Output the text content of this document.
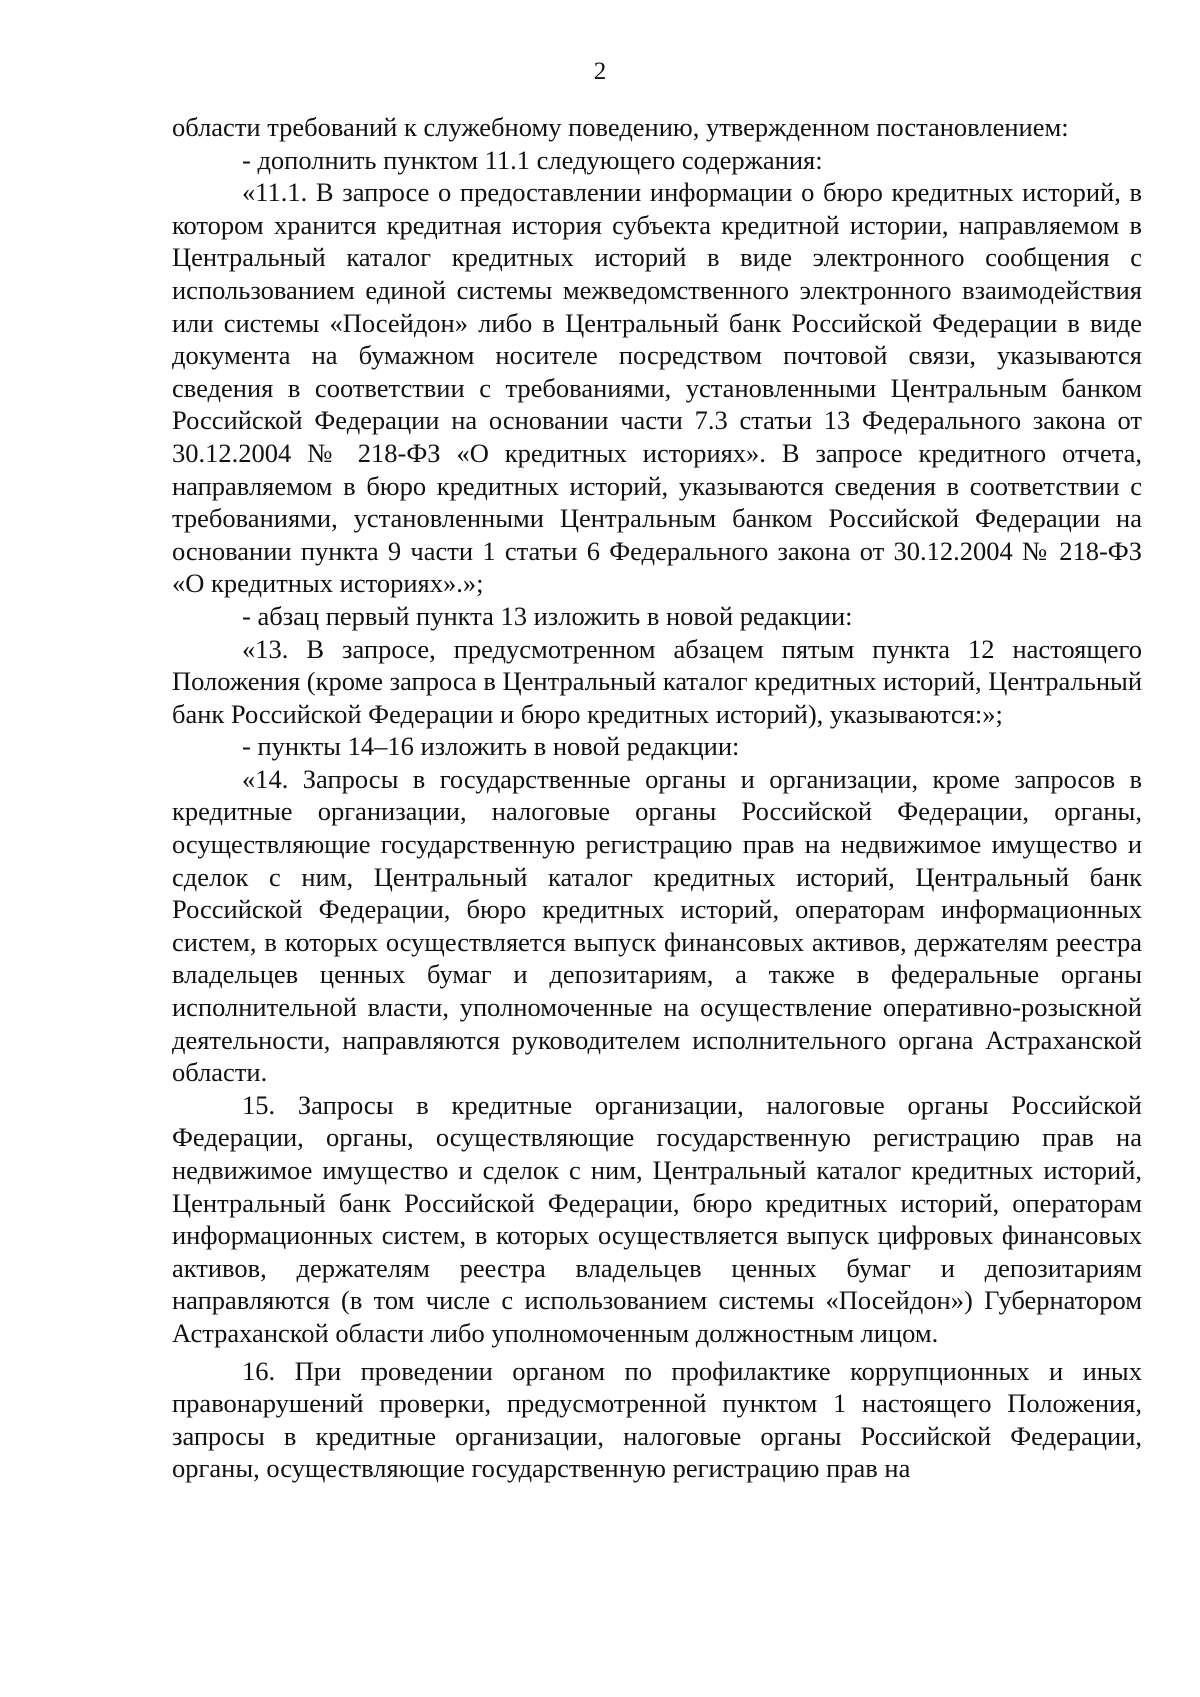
2

области требований к служебному поведению, утвержденном постановлением:

- дополнить пунктом 11.1 следующего содержания:

«11.1. В запросе о предоставлении информации о бюро кредитных историй, в котором хранится кредитная история субъекта кредитной истории, направляемом в Центральный каталог кредитных историй в виде электронного сообщения с использованием единой системы межведомственного электронного взаимодействия или системы «Посейдон» либо в Центральный банк Российской Федерации в виде документа на бумажном носителе посредством почтовой связи, указываются сведения в соответствии с требованиями, установленными Центральным банком Российской Федерации на основании части 7.3 статьи 13 Федерального закона от 30.12.2004 № 218-ФЗ «О кредитных историях». В запросе кредитного отчета, направляемом в бюро кредитных историй, указываются сведения в соответствии с требованиями, установленными Центральным банком Российской Федерации на основании пункта 9 части 1 статьи 6 Федерального закона от 30.12.2004 № 218-ФЗ «О кредитных историях».»;

- абзац первый пункта 13 изложить в новой редакции:

«13. В запросе, предусмотренном абзацем пятым пункта 12 настоящего Положения (кроме запроса в Центральный каталог кредитных историй, Центральный банк Российской Федерации и бюро кредитных историй), указываются:»;

- пункты 14–16 изложить в новой редакции:

«14. Запросы в государственные органы и организации, кроме запросов в кредитные организации, налоговые органы Российской Федерации, органы, осуществляющие государственную регистрацию прав на недвижимое имущество и сделок с ним, Центральный каталог кредитных историй, Центральный банк Российской Федерации, бюро кредитных историй, операторам информационных систем, в которых осуществляется выпуск финансовых активов, держателям реестра владельцев ценных бумаг и депозитариям, а также в федеральные органы исполнительной власти, уполномоченные на осуществление оперативно-розыскной деятельности, направляются руководителем исполнительного органа Астраханской области.

15. Запросы в кредитные организации, налоговые органы Российской Федерации, органы, осуществляющие государственную регистрацию прав на недвижимое имущество и сделок с ним, Центральный каталог кредитных историй, Центральный банк Российской Федерации, бюро кредитных историй, операторам информационных систем, в которых осуществляется выпуск цифровых финансовых активов, держателям реестра владельцев ценных бумаг и депозитариям направляются (в том числе с использованием системы «Посейдон») Губернатором Астраханской области либо уполномоченным должностным лицом.

16. При проведении органом по профилактике коррупционных и иных правонарушений проверки, предусмотренной пунктом 1 настоящего Положения, запросы в кредитные организации, налоговые органы Российской Федерации, органы, осуществляющие государственную регистрацию прав на
